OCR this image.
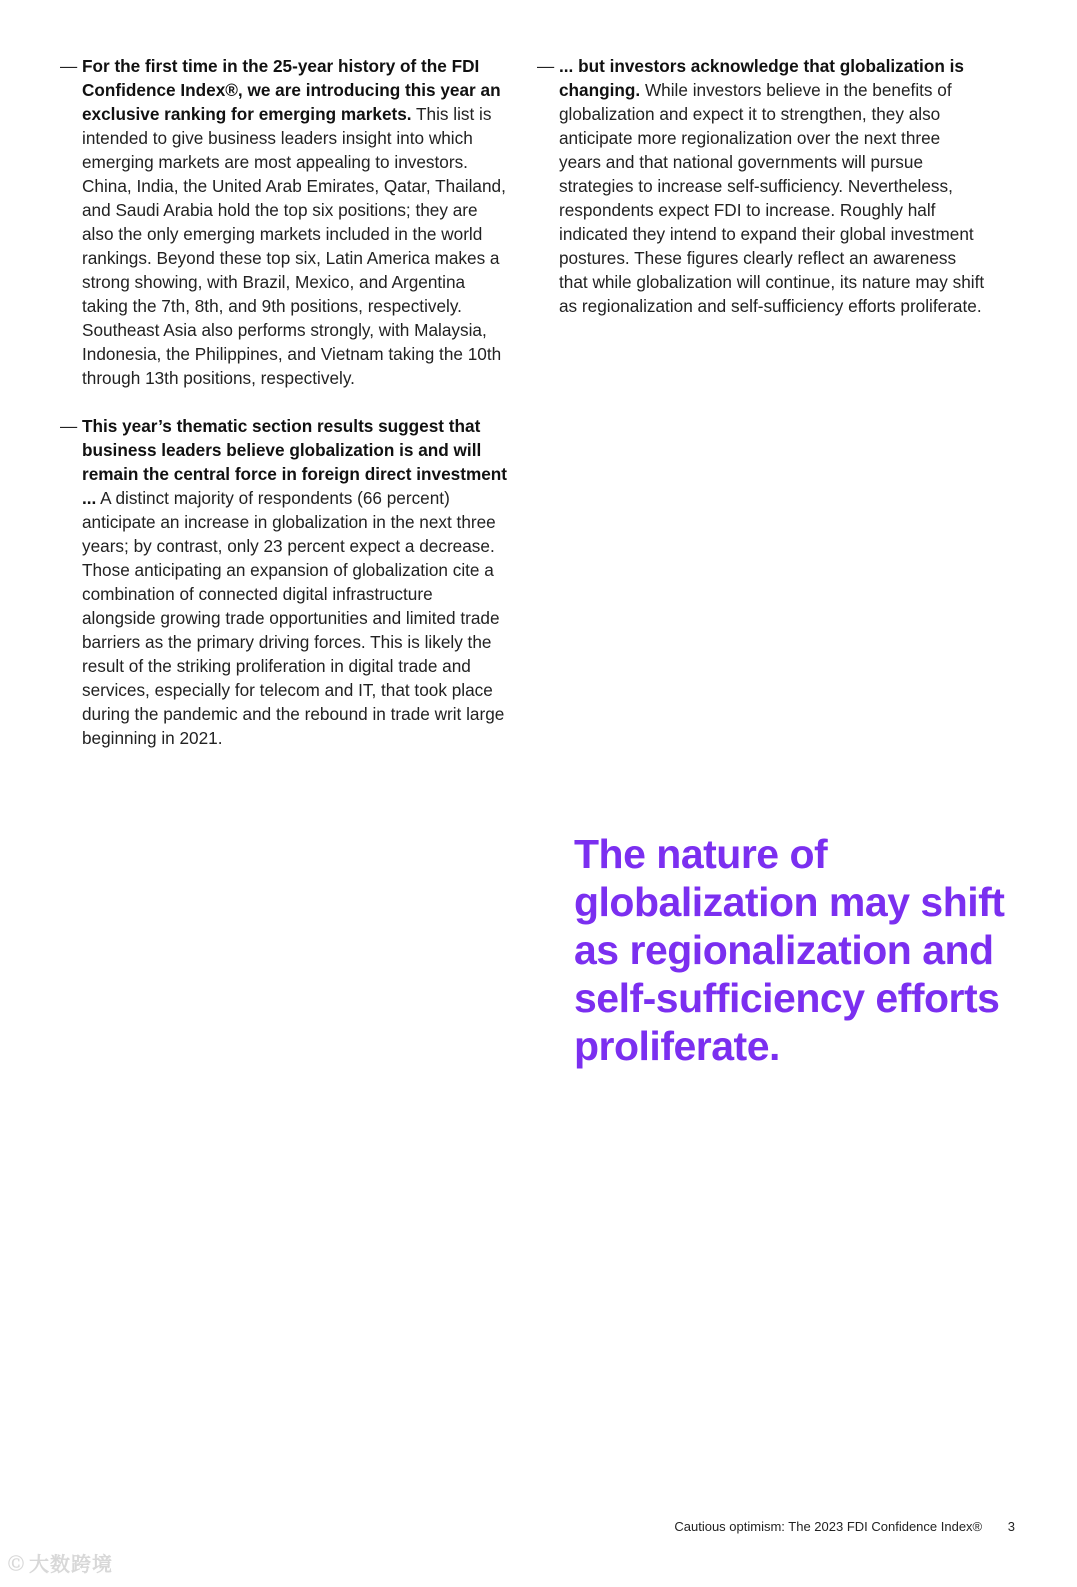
— For the first time in the 25-year history of the FDI Confidence Index®, we are introducing this year an exclusive ranking for emerging markets. This list is intended to give business leaders insight into which emerging markets are most appealing to investors. China, India, the United Arab Emirates, Qatar, Thailand, and Saudi Arabia hold the top six positions; they are also the only emerging markets included in the world rankings. Beyond these top six, Latin America makes a strong showing, with Brazil, Mexico, and Argentina taking the 7th, 8th, and 9th positions, respectively. Southeast Asia also performs strongly, with Malaysia, Indonesia, the Philippines, and Vietnam taking the 10th through 13th positions, respectively.
— This year’s thematic section results suggest that business leaders believe globalization is and will remain the central force in foreign direct investment ... A distinct majority of respondents (66 percent) anticipate an increase in globalization in the next three years; by contrast, only 23 percent expect a decrease. Those anticipating an expansion of globalization cite a combination of connected digital infrastructure alongside growing trade opportunities and limited trade barriers as the primary driving forces. This is likely the result of the striking proliferation in digital trade and services, especially for telecom and IT, that took place during the pandemic and the rebound in trade writ large beginning in 2021.
— ... but investors acknowledge that globalization is changing. While investors believe in the benefits of globalization and expect it to strengthen, they also anticipate more regionalization over the next three years and that national governments will pursue strategies to increase self-sufficiency. Nevertheless, respondents expect FDI to increase. Roughly half indicated they intend to expand their global investment postures. These figures clearly reflect an awareness that while globalization will continue, its nature may shift as regionalization and self-sufficiency efforts proliferate.
The nature of globalization may shift as regionalization and self-sufficiency efforts proliferate.
Cautious optimism: The 2023 FDI Confidence Index® 3
Ⓒ 大数跨境
